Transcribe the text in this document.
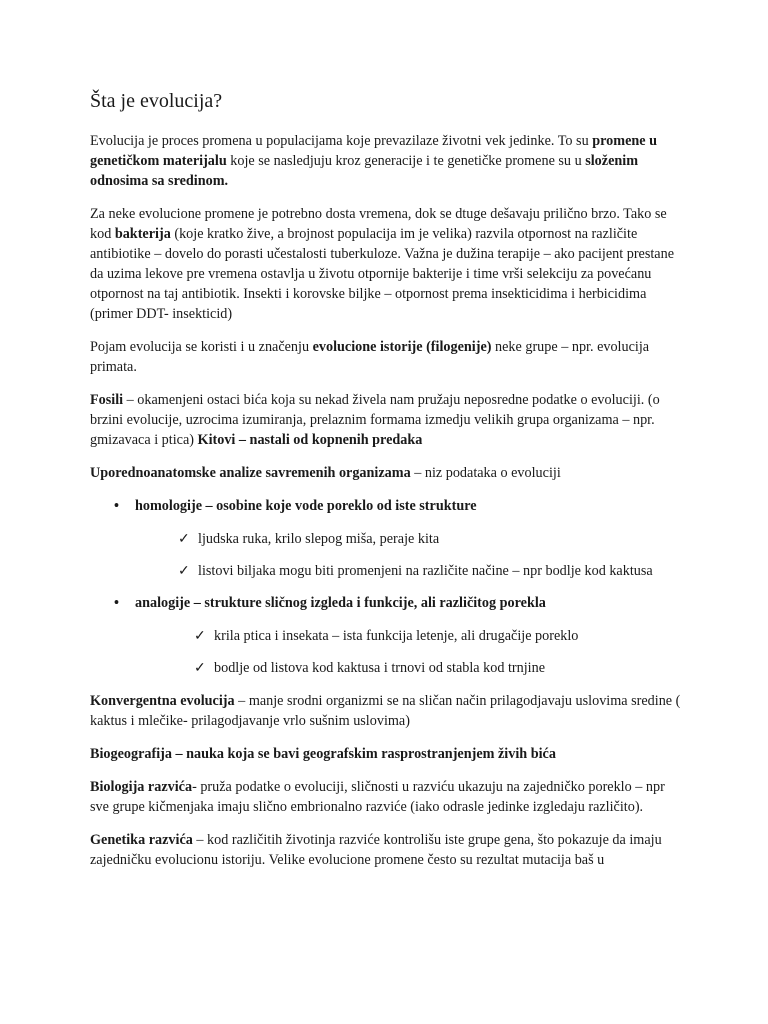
Šta je evolucija?

Evolucija je proces promena u populacijama koje prevazilaze životni vek jedinke. To su promene u genetičkom materijalu koje se nasledjuju kroz generacije i te genetičke promene su u složenim odnosima sa sredinom.

Za neke evolucione promene je potrebno dosta vremena, dok se dtuge dešavaju prilično brzo. Tako se kod bakterija (koje kratko žive, a brojnost populacija im je velika) razvila otpornost na različite antibiotike – dovelo do porasti učestalosti tuberkuloze. Važna je dužina terapije – ako pacijent prestane da uzima lekove pre vremena ostavlja u životu otpornije bakterije i time vrši selekciju za povećanu otpornost na taj antibiotik. Insekti i korovske biljke – otpornost prema insekticidima i herbicidima (primer DDT- insekticid)

Pojam evolucija se koristi i u značenju evolucione istorije (filogenije) neke grupe – npr. evolucija primata.

Fosili – okamenjeni ostaci bića koja su nekad živela nam pružaju neposredne podatke o evoluciji. (o brzini evolucije, uzrocima izumiranja, prelaznim formama izmedju velikih grupa organizama – npr. gmizavaca i ptica) Kitovi – nastali od kopnenih predaka

Uporednoanatomske analize savremenih organizama – niz podataka o evoluciji

• homologije – osobine koje vode poreklo od iste strukture
✓ ljudska ruka, krilo slepog miša, peraje kita
✓ listovi biljaka mogu biti promenjeni na različite načine – npr bodlje kod kaktusa
• analogije – strukture sličnog izgleda i funkcije, ali različitog porekla
✓ krila ptica i insekata – ista funkcija letenje, ali drugačije poreklo
✓ bodlje od listova kod kaktusa i trnovi od stabla kod trnjine

Konvergentna evolucija – manje srodni organizmi se na sličan način prilagodjavaju uslovima sredine ( kaktus i mlečike- prilagodjavanje vrlo sušnim uslovima)

Biogeografija – nauka koja se bavi geografskim rasprostranjenjem živih bića

Biologija razvića- pruža podatke o evoluciji, sličnosti u razviću ukazuju na zajedničko poreklo – npr sve grupe kičmenjaka imaju slično embrionalno razviće (iako odrasle jedinke izgledaju različito).

Genetika razvića – kod različitih životinja razviće kontrolišu iste grupe gena, što pokazuje da imaju zajedničku evolucionu istoriju. Velike evolucione promene često su rezultat mutacija baš u
